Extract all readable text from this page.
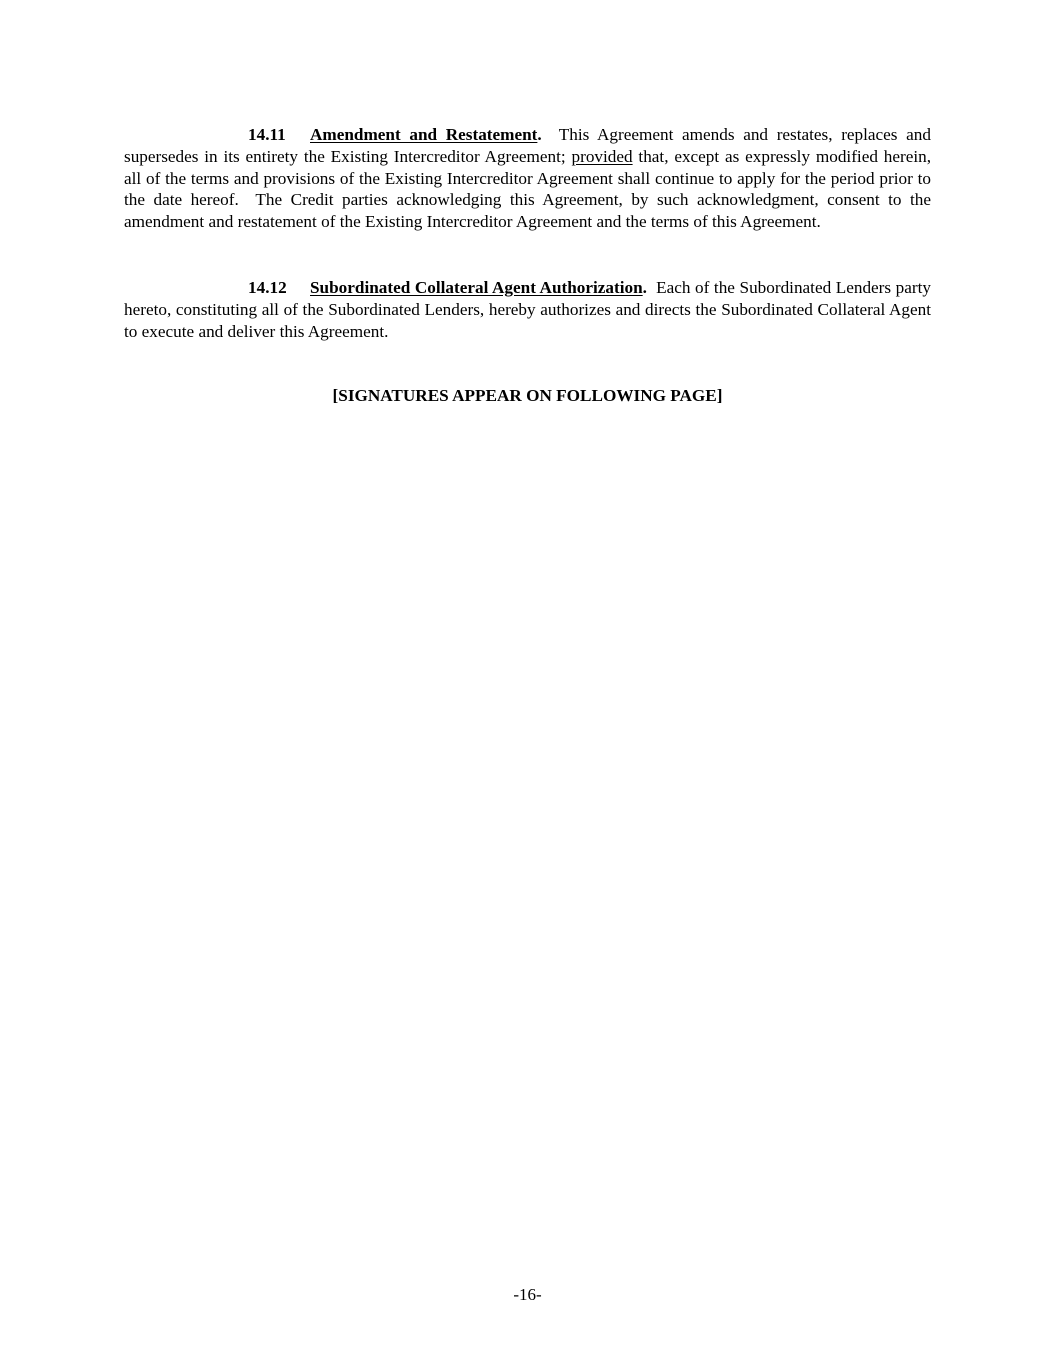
14.11 Amendment and Restatement.  This Agreement amends and restates, replaces and supersedes in its entirety the Existing Intercreditor Agreement; provided that, except as expressly modified herein, all of the terms and provisions of the Existing Intercreditor Agreement shall continue to apply for the period prior to the date hereof.  The Credit parties acknowledging this Agreement, by such acknowledgment, consent to the amendment and restatement of the Existing Intercreditor Agreement and the terms of this Agreement.

14.12 Subordinated Collateral Agent Authorization.  Each of the Subordinated Lenders party hereto, constituting all of the Subordinated Lenders, hereby authorizes and directs the Subordinated Collateral Agent to execute and deliver this Agreement.

[SIGNATURES APPEAR ON FOLLOWING PAGE]
-16-
